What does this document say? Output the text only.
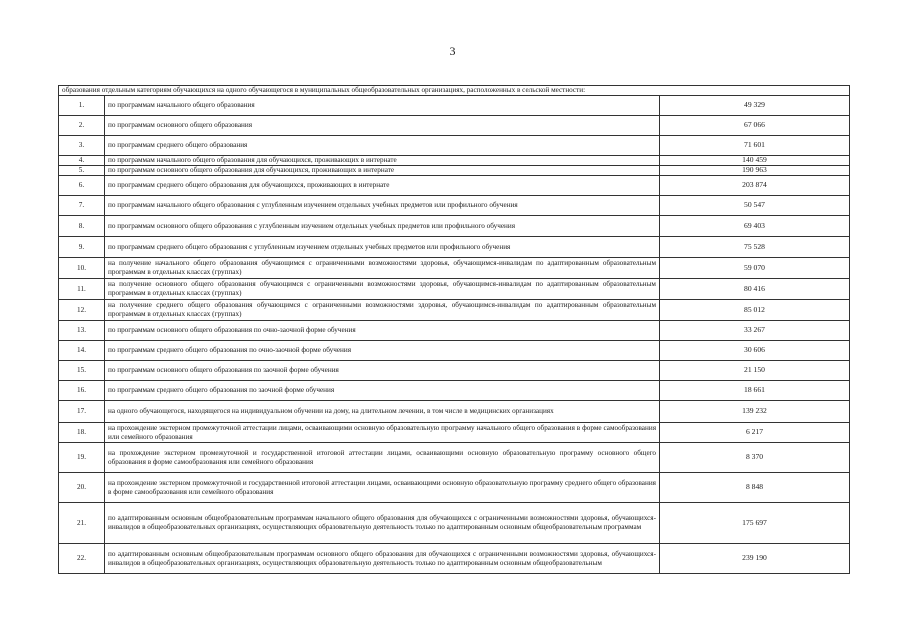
3
образования отдельным категориям обучающихся на одного обучающегося в муниципальных общеобразовательных организациях, расположенных в сельской местности:		
1.	по программам начального общего образования	49 329
2.	по программам основного общего образования	67 066
3.	по программам среднего общего образования	71 601
4.	по программам начального общего образования для обучающихся, проживающих в интернате	140 459
5.	по программам основного общего образования для обучающихся, проживающих в интернате	190 963
6.	по программам среднего общего образования для обучающихся, проживающих в интернате	203 874
7.	по программам начального общего образования с углубленным изучением отдельных учебных предметов или профильного обучения	50 547
8.	по программам основного общего образования с углубленным изучением отдельных учебных предметов или профильного обучения	69 403
9.	по программам среднего общего образования с углубленным изучением отдельных учебных предметов или профильного обучения	75 528
10.	на получение начального общего образования обучающимся с ограниченными возможностями здоровья, обучающимся-инвалидам по адаптированным образовательным программам в отдельных классах (группах)	59 070
11.	на получение основного общего образования обучающимся с ограниченными возможностями здоровья, обучающимся-инвалидам по адаптированным образовательным программам в отдельных классах (группах)	80 416
12.	на получение среднего общего образования обучающимся с ограниченными возможностями здоровья, обучающимся-инвалидам по адаптированным образовательным программам в отдельных классах (группах)	85 012
13.	по программам основного общего образования по очно-заочной форме обучения	33 267
14.	по программам среднего общего образования по очно-заочной форме обучения	30 606
15.	по программам основного общего образования по заочной форме обучения	21 150
16.	по программам среднего общего образования по заочной форме обучения	18 661
17.	на одного обучающегося, находящегося на индивидуальном обучении на дому, на длительном лечении, в том числе в медицинских организациях	139 232
18.	на прохождение экстерном промежуточной аттестации лицами, осваивающими основную образовательную программу начального общего образования в форме самообразования или семейного образования	6 217
19.	на прохождение экстерном промежуточной и государственной итоговой аттестации лицами, осваивающими основную образовательную программу основного общего образования в форме самообразования или семейного образования	8 370
20.	на прохождение экстерном промежуточной и государственной итоговой аттестации лицами, осваивающими основную образовательную программу среднего общего образования в форме самообразования или семейного образования	8 848
21.	по адаптированным основным общеобразовательным программам начального общего образования для обучающихся с ограниченными возможностями здоровья, обучающихся-инвалидов в общеобразовательных организациях, осуществляющих образовательную деятельность только по адаптированным основным общеобразовательным программам	175 697
22.	по адаптированным основным общеобразовательным программам основного общего образования для обучающихся с ограниченными возможностями здоровья, обучающихся-инвалидов в общеобразовательных организациях, осуществляющих образовательную деятельность только по адаптированным основным общеобразовательным	239 190
